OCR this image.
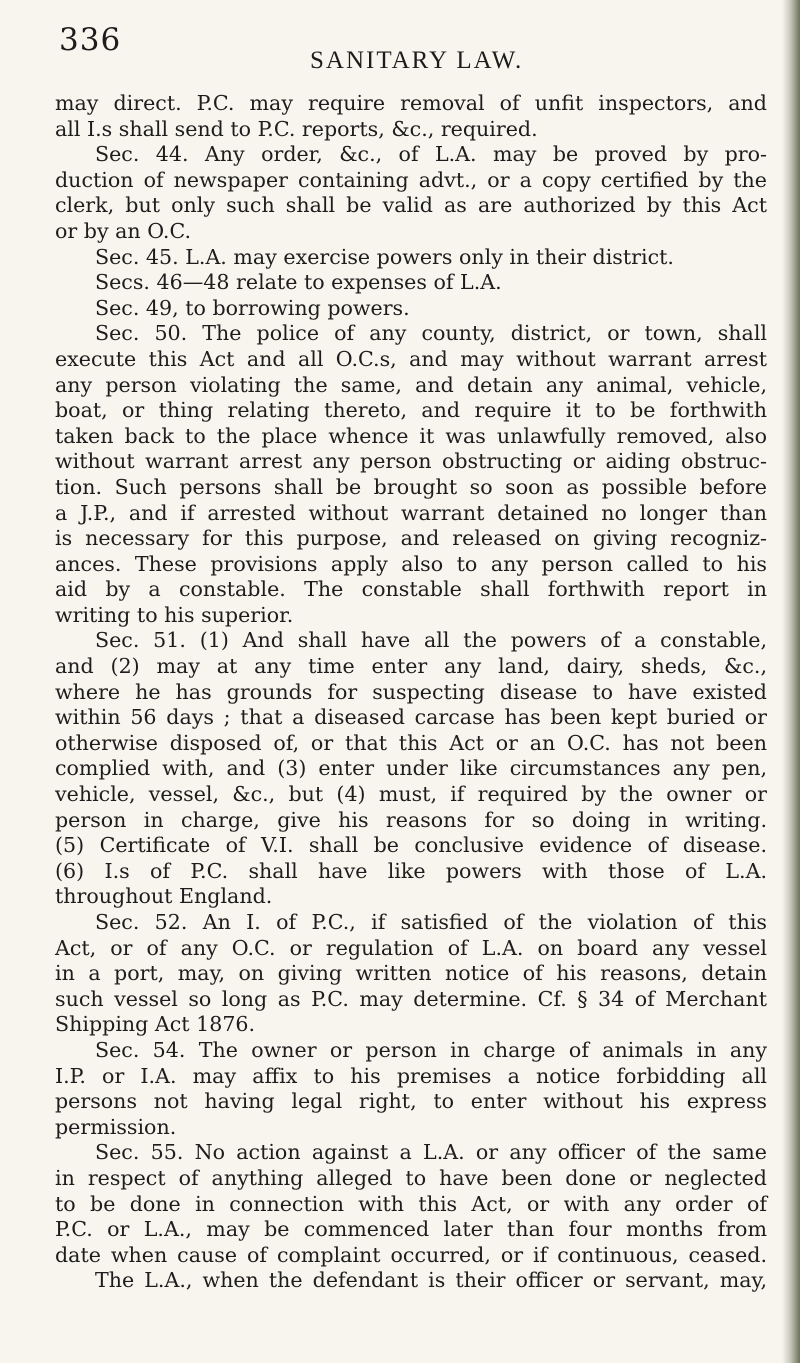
336
SANITARY LAW.
may direct. P.C. may require removal of unfit inspectors, and
all I.s shall send to P.C. reports, &c., required.
Sec. 44. Any order, &c., of L.A. may be proved by pro-
duction of newspaper containing advt., or a copy certified by the
clerk, but only such shall be valid as are authorized by this Act
or by an O.C.
Sec. 45. L.A. may exercise powers only in their district.
Secs. 46—48 relate to expenses of L.A.
Sec. 49, to borrowing powers.
Sec. 50. The police of any county, district, or town, shall
execute this Act and all O.C.s, and may without warrant arrest
any person violating the same, and detain any animal, vehicle,
boat, or thing relating thereto, and require it to be forthwith
taken back to the place whence it was unlawfully removed, also
without warrant arrest any person obstructing or aiding obstruc-
tion. Such persons shall be brought so soon as possible before
a J.P., and if arrested without warrant detained no longer than
is necessary for this purpose, and released on giving recogniz-
ances. These provisions apply also to any person called to his
aid by a constable. The constable shall forthwith report in
writing to his superior.
Sec. 51. (1) And shall have all the powers of a constable,
and (2) may at any time enter any land, dairy, sheds, &c.,
where he has grounds for suspecting disease to have existed
within 56 days ; that a diseased carcase has been kept buried or
otherwise disposed of, or that this Act or an O.C. has not been
complied with, and (3) enter under like circumstances any pen,
vehicle, vessel, &c., but (4) must, if required by the owner or
person in charge, give his reasons for so doing in writing.
(5) Certificate of V.I. shall be conclusive evidence of disease.
(6) I.s of P.C. shall have like powers with those of L.A.
throughout England.
Sec. 52. An I. of P.C., if satisfied of the violation of this
Act, or of any O.C. or regulation of L.A. on board any vessel
in a port, may, on giving written notice of his reasons, detain
such vessel so long as P.C. may determine. Cf. § 34 of Merchant
Shipping Act 1876.
Sec. 54. The owner or person in charge of animals in any
I.P. or I.A. may affix to his premises a notice forbidding all
persons not having legal right, to enter without his express
permission.
Sec. 55. No action against a L.A. or any officer of the same
in respect of anything alleged to have been done or neglected
to be done in connection with this Act, or with any order of
P.C. or L.A., may be commenced later than four months from
date when cause of complaint occurred, or if continuous, ceased.
The L.A., when the defendant is their officer or servant, may,
